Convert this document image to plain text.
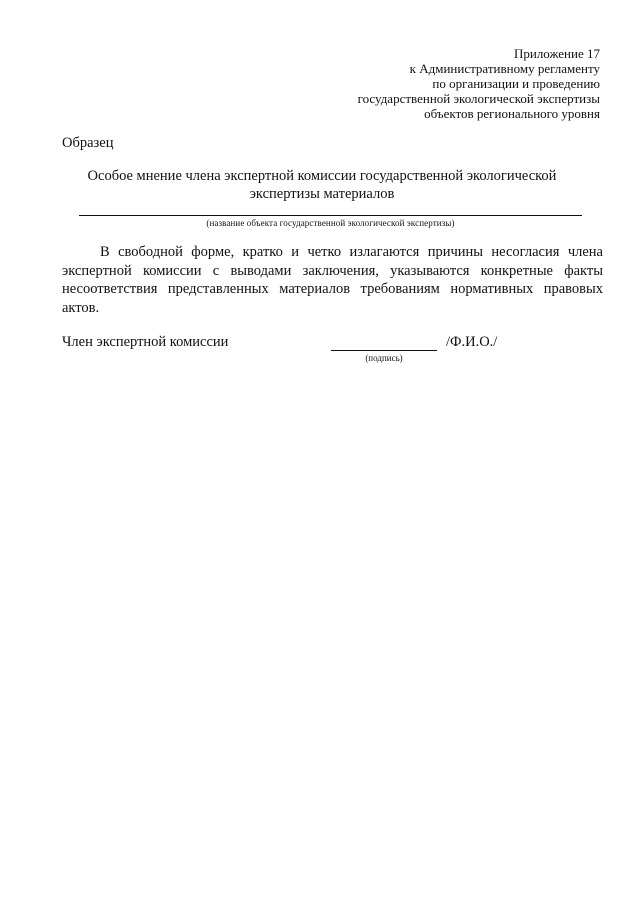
Приложение 17
к Административному регламенту
по организации и проведению
государственной экологической экспертизы
объектов регионального уровня
Образец
Особое мнение члена экспертной комиссии государственной экологической
экспертизы материалов
(название объекта государственной экологической экспертизы)
В свободной форме, кратко и четко излагаются причины несогласия члена экспертной комиссии с выводами заключения, указываются конкретные факты несоответствия представленных материалов требованиям нормативных правовых актов.
Член экспертной комиссии
(подпись)
/Ф.И.О./
